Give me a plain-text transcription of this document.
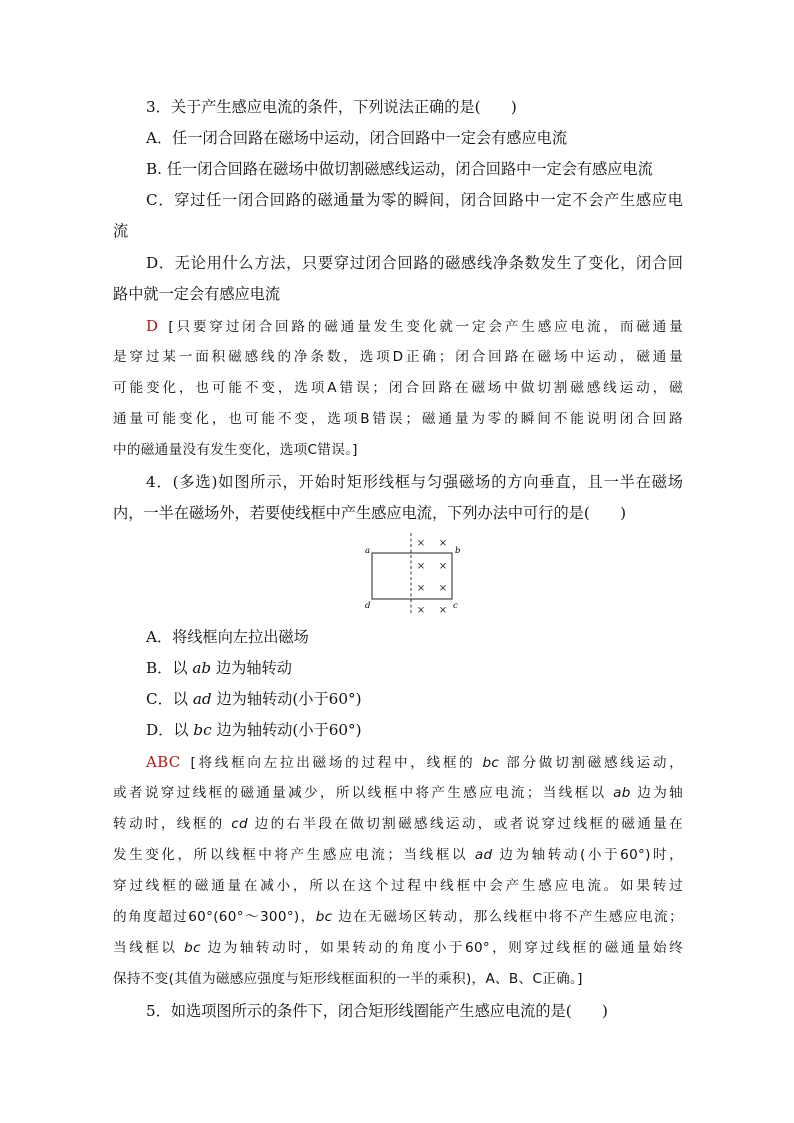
3．关于产生感应电流的条件，下列说法正确的是(　　)
A．任一闭合回路在磁场中运动，闭合回路中一定会有感应电流
B. 任一闭合回路在磁场中做切割磁感线运动，闭合回路中一定会有感应电流
C．穿过任一闭合回路的磁通量为零的瞬间，闭合回路中一定不会产生感应电
流
D．无论用什么方法，只要穿过闭合回路的磁感线净条数发生了变化，闭合回
路中就一定会有感应电流
D [只要穿过闭合回路的磁通量发生变化就一定会产生感应电流，而磁通量
是穿过某一面积磁感线的净条数，选项D正确；闭合回路在磁场中运动，磁通量
可能变化，也可能不变，选项A错误；闭合回路在磁场中做切割磁感线运动，磁
通量可能变化，也可能不变，选项B错误；磁通量为零的瞬间不能说明闭合回路
中的磁通量没有发生变化，选项C错误。]
4．(多选)如图所示，开始时矩形线框与匀强磁场的方向垂直，且一半在磁场
内，一半在磁场外，若要使线框中产生感应电流，下列办法中可行的是(　　)
a	b
c
d
× ×
× ×
× ×
× ×
A．将线框向左拉出磁场
B．以 ab 边为轴转动
C．以 ad 边为轴转动(小于60°)
D．以 bc 边为轴转动(小于60°)
ABC [将线框向左拉出磁场的过程中，线框的 bc 部分做切割磁感线运动，
或者说穿过线框的磁通量减少，所以线框中将产生感应电流；当线框以 ab 边为轴
转动时，线框的 cd 边的右半段在做切割磁感线运动，或者说穿过线框的磁通量在
发生变化，所以线框中将产生感应电流；当线框以 ad 边为轴转动(小于60°)时，
穿过线框的磁通量在减小，所以在这个过程中线框中会产生感应电流。如果转过
的角度超过60°(60°～300°)，bc 边在无磁场区转动，那么线框中将不产生感应电流；
当线框以 bc 边为轴转动时，如果转动的角度小于60°，则穿过线框的磁通量始终
保持不变(其值为磁感应强度与矩形线框面积的一半的乘积)，A、B、C正确。]
5．如选项图所示的条件下，闭合矩形线圈能产生感应电流的是(　　)
